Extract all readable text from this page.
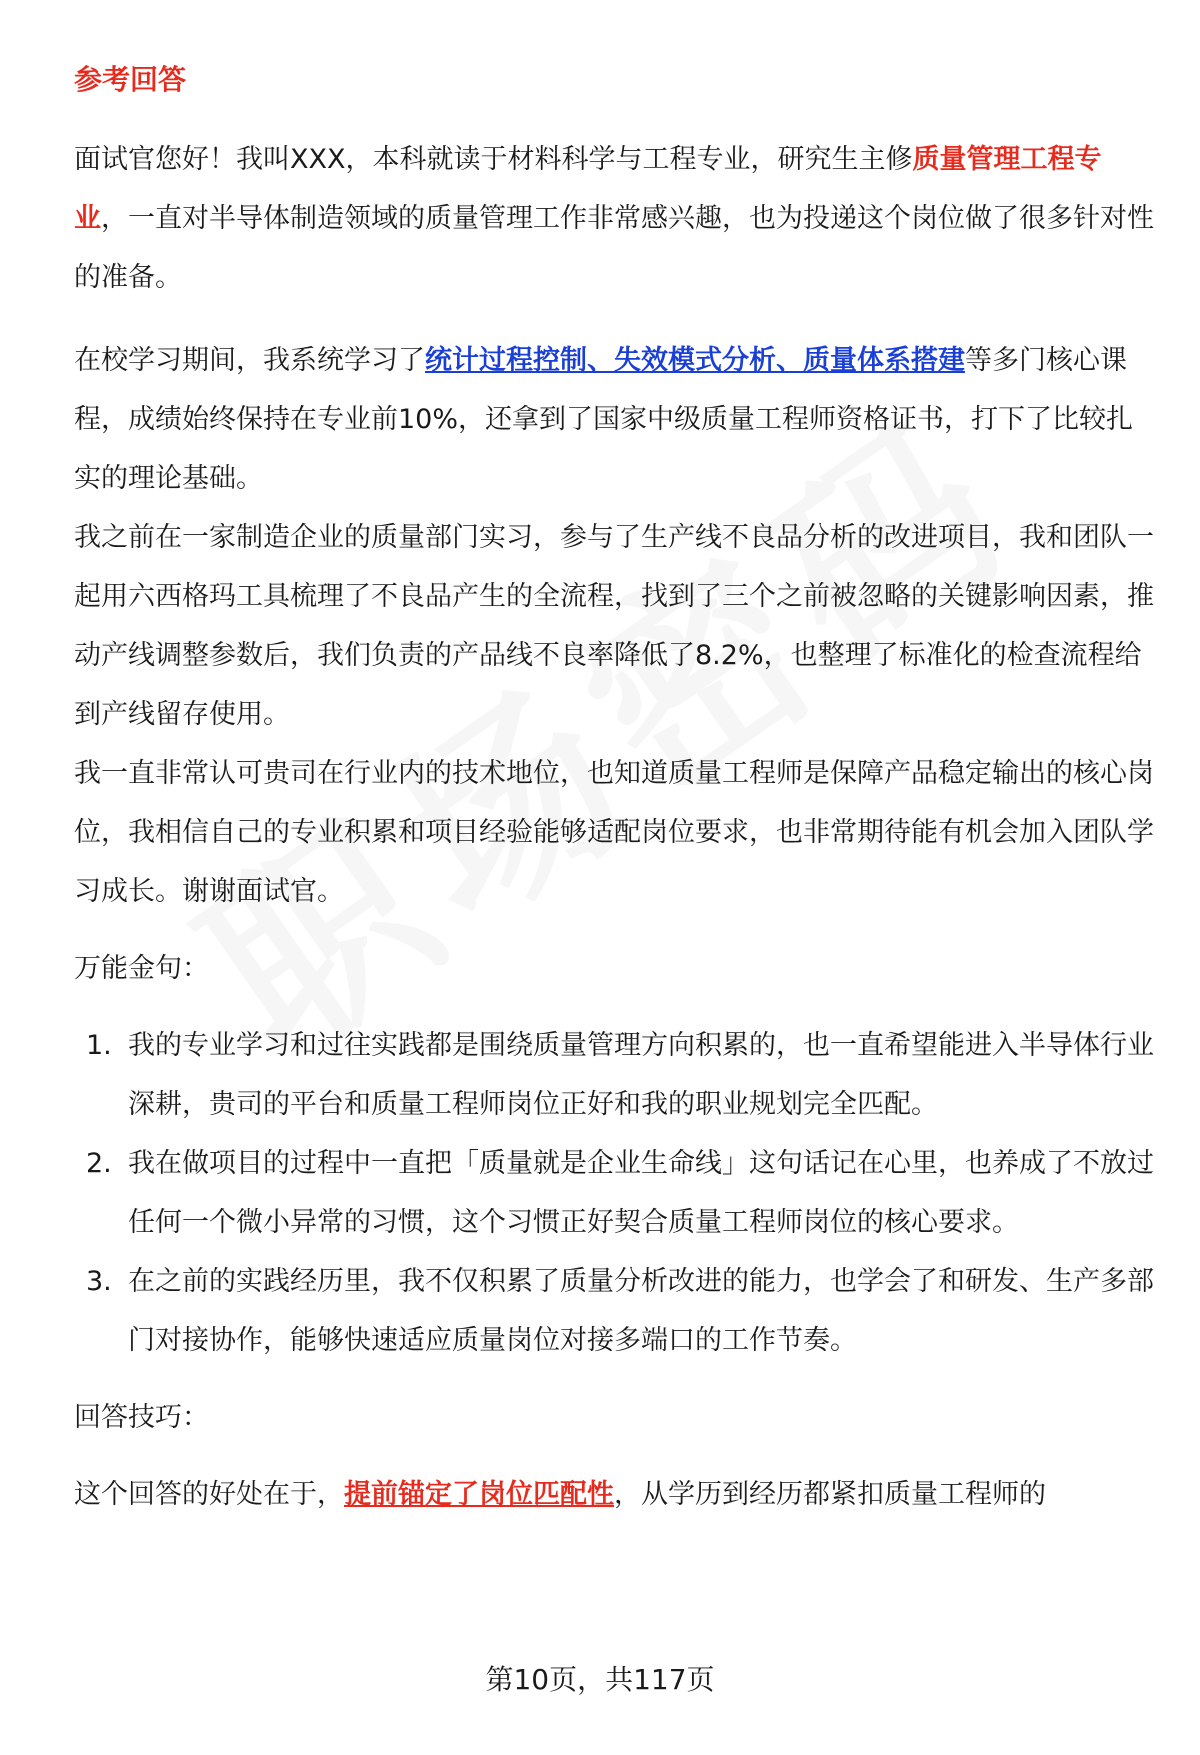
参考回答

面试官您好！我叫XXX，本科就读于材料科学与工程专业，研究生主修质量管理工程专业，一直对半导体制造领域的质量管理工作非常感兴趣，也为投递这个岗位做了很多针对性的准备。

在校学习期间，我系统学习了统计过程控制、失效模式分析、质量体系搭建等多门核心课程，成绩始终保持在专业前10%，还拿到了国家中级质量工程师资格证书，打下了比较扎实的理论基础。

我之前在一家制造企业的质量部门实习，参与了生产线不良品分析的改进项目，我和团队一起用六西格玛工具梳理了不良品产生的全流程，找到了三个之前被忽略的关键影响因素，推动产线调整参数后，我们负责的产品线不良率降低了8.2%，也整理了标准化的检查流程给到产线留存使用。

我一直非常认可贵司在行业内的技术地位，也知道质量工程师是保障产品稳定输出的核心岗位，我相信自己的专业积累和项目经验能够适配岗位要求，也非常期待能有机会加入团队学习成长。谢谢面试官。

万能金句：

1. 我的专业学习和过往实践都是围绕质量管理方向积累的，也一直希望能进入半导体行业深耕，贵司的平台和质量工程师岗位正好和我的职业规划完全匹配。
2. 我在做项目的过程中一直把「质量就是企业生命线」这句话记在心里，也养成了不放过任何一个微小异常的习惯，这个习惯正好契合质量工程师岗位的核心要求。
3. 在之前的实践经历里，我不仅积累了质量分析改进的能力，也学会了和研发、生产多部门对接协作，能够快速适应质量岗位对接多端口的工作节奏。

回答技巧：

这个回答的好处在于，提前锚定了岗位匹配性，从学历到经历都紧扣质量工程师的

第10页，共117页
